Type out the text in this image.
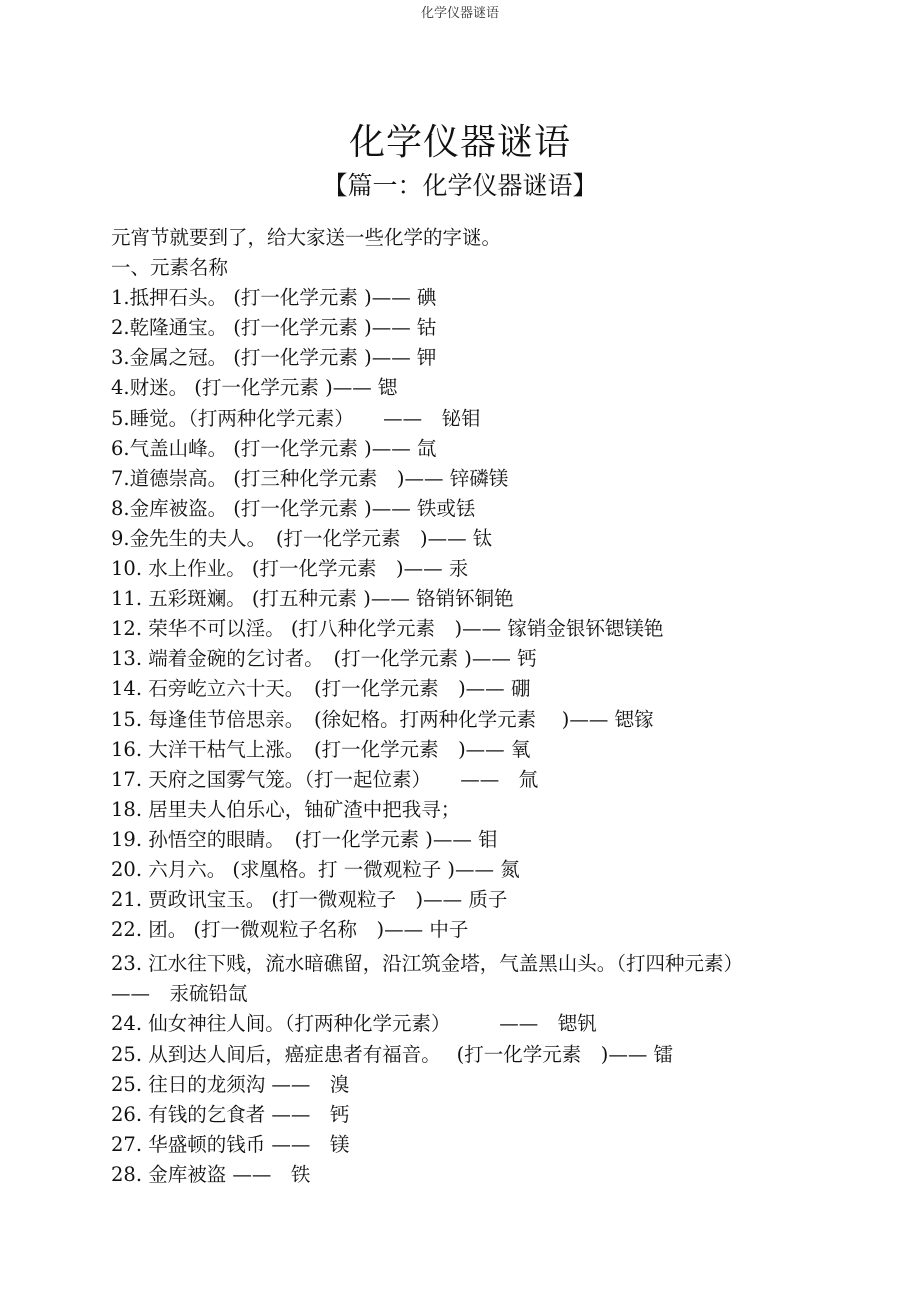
化学仪器谜语
化学仪器谜语
【篇一：化学仪器谜语】

元宵节就要到了，给大家送一些化学的字谜。

一、元素名称

1.抵押石头。 (打一化学元素 )—— 碘

2.乾隆通宝。 (打一化学元素 )—— 钴

3.金属之冠。 (打一化学元素 )—— 钾

4.财迷。 (打一化学元素 )—— 锶

5.睡觉。（打两种化学元素）　　——　铋钼

6.气盖山峰。 (打一化学元素 )—— 氙

7.道德崇高。 (打三种化学元素　)—— 锌磷镁

8.金库被盗。 (打一化学元素 )—— 铁或铥

9.金先生的夫人。　(打一化学元素　)—— 钛

10. 水上作业。 (打一化学元素　)—— 汞

11. 五彩斑斓。 (打五种元素 )—— 铬销钚铜铯

12. 荣华不可以淫。 (打八种化学元素　)—— 镓销金银钚锶镁铯

13. 端着金碗的乞讨者。　(打一化学元素 )—— 钙

14. 石旁屹立六十天。　(打一化学元素　)—— 硼

15. 每逢佳节倍思亲。　(徐妃格。打两种化学元素　 )—— 锶镓

16. 大洋干枯气上涨。　(打一化学元素　)—— 氧

17. 天府之国雾气笼。（打一起位素）　　——　氚

18. 居里夫人伯乐心，铀矿渣中把我寻；

19. 孙悟空的眼睛。　(打一化学元素 )—— 钼

20. 六月六。 (求凰格。打 一微观粒子 )—— 氮

21. 贾政讯宝玉。 (打一微观粒子　)—— 质子

22. 团。 (打一微观粒子名称　)—— 中子

23. 江水往下贱，流水暗礁留，沿江筑金塔，气盖黑山头。（打四种元素）　——　汞硫铅氙

24. 仙女神往人间。（打两种化学元素）　　　——　锶钒

25. 从到达人间后，癌症患者有福音。　 (打一化学元素　)—— 镭

25. 往日的龙须沟 ——　溴

26. 有钱的乞食者 ——　钙

27. 华盛顿的钱币 ——　镁

28. 金库被盗 ——　铁
